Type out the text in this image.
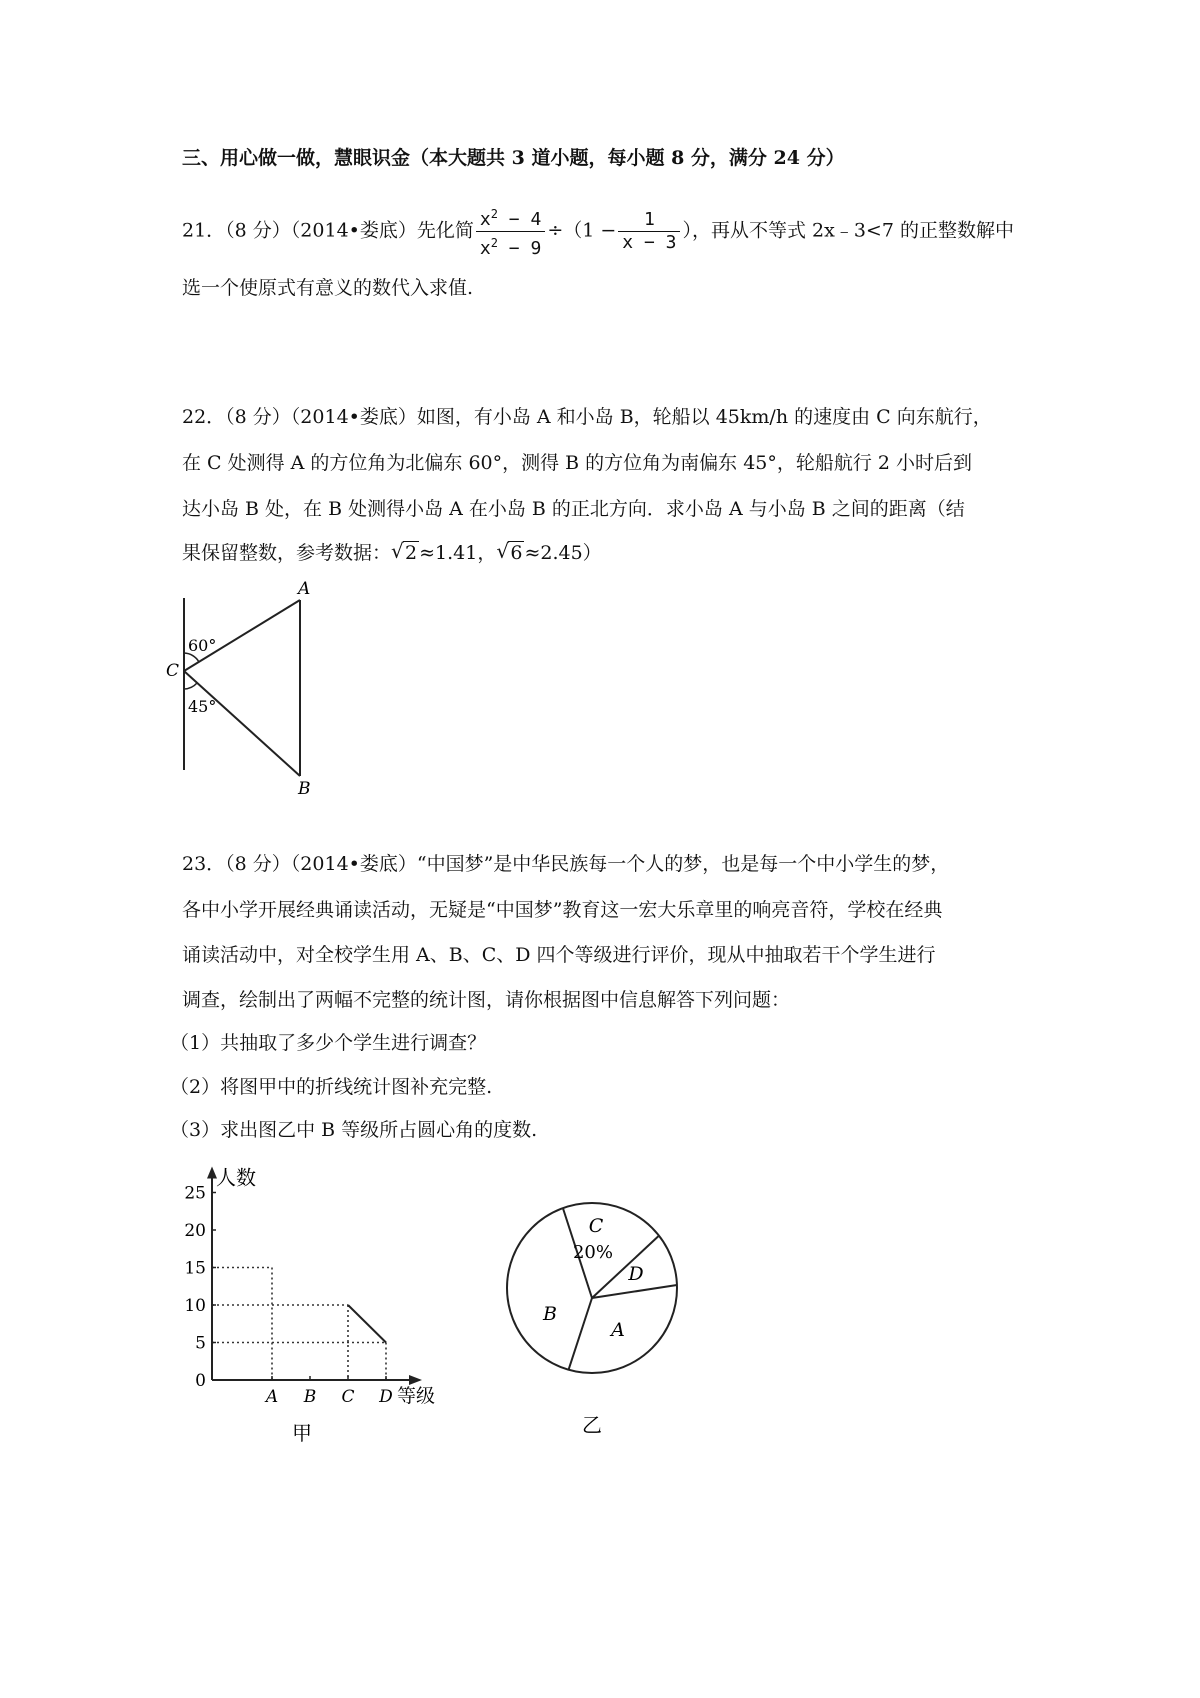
三、用心做一做，慧眼识金（本大题共 3 道小题，每小题 8 分，满分 24 分）
21．（8 分）（2014•娄底）先化简 $\frac{x^2 - 4}{x^2 - 9} \div(1 - \frac{1}{x - 3}$ ），再从不等式 2x﹣3<7 的正整数解中
选一个使原式有意义的数代入求值.
22．（8 分）（2014•娄底）如图，有小岛 A 和小岛 B，轮船以 45km/h 的速度由 C 向东航行，
在 C 处测得 A 的方位角为北偏东 60°，测得 B 的方位角为南偏东 45°，轮船航行 2 小时后到
达小岛 B 处，在 B 处测得小岛 A 在小岛 B 的正北方向．求小岛 A 与小岛 B 之间的距离（结
果保留整数，参考数据： √ 2 ≈1.41， √ 6 ≈2.45）
A
B
C
60°
45°
23．（8 分）（2014•娄底）“中国梦”是中华民族每一个人的梦，也是每一个中小学生的梦，
各中小学开展经典诵读活动，无疑是“中国梦”教育这一宏大乐章里的响亮音符，学校在经典
诵读活动中，对全校学生用 A、B、C、D 四个等级进行评价，现从中抽取若干个学生进行
调查，绘制出了两幅不完整的统计图，请你根据图中信息解答下列问题：
（1）共抽取了多少个学生进行调查？
（2）将图甲中的折线统计图补充完整.
（3）求出图乙中 B 等级所占圆心角的度数.
0
5
10
15
20
25
A B C D
人数
等级
甲
C
20%
D
A
B
乙
